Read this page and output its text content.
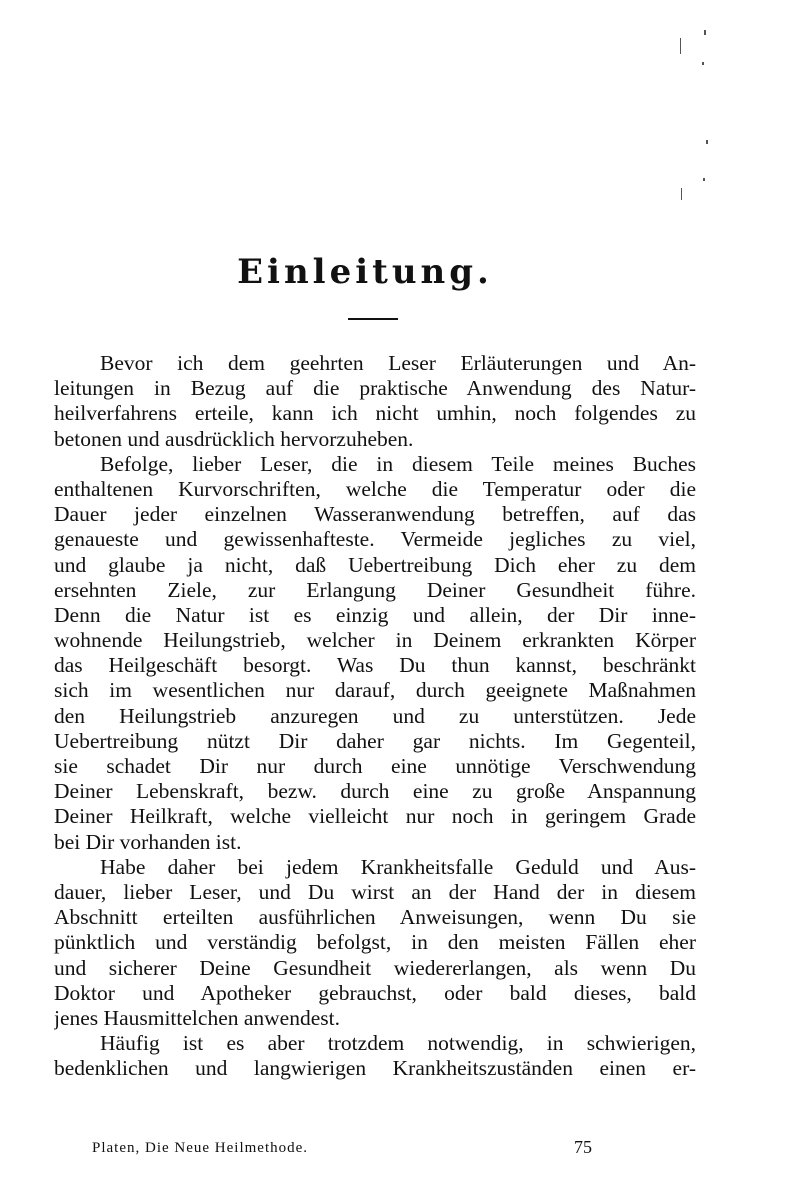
Einleitung.
Bevor ich dem geehrten Leser Erläuterungen und An-
leitungen in Bezug auf die praktische Anwendung des Natur-
heilverfahrens erteile, kann ich nicht umhin, noch folgendes zu
betonen und ausdrücklich hervorzuheben.
Befolge, lieber Leser, die in diesem Teile meines Buches
enthaltenen Kurvorschriften, welche die Temperatur oder die
Dauer jeder einzelnen Wasseranwendung betreffen, auf das
genaueste und gewissenhafteste. Vermeide jegliches zu viel,
und glaube ja nicht, daß Uebertreibung Dich eher zu dem
ersehnten Ziele, zur Erlangung Deiner Gesundheit führe.
Denn die Natur ist es einzig und allein, der Dir inne-
wohnende Heilungstrieb, welcher in Deinem erkrankten Körper
das Heilgeschäft besorgt. Was Du thun kannst, beschränkt
sich im wesentlichen nur darauf, durch geeignete Maßnahmen
den Heilungstrieb anzuregen und zu unterstützen. Jede
Uebertreibung nützt Dir daher gar nichts. Im Gegenteil,
sie schadet Dir nur durch eine unnötige Verschwendung
Deiner Lebenskraft, bezw. durch eine zu große Anspannung
Deiner Heilkraft, welche vielleicht nur noch in geringem Grade
bei Dir vorhanden ist.
Habe daher bei jedem Krankheitsfalle Geduld und Aus-
dauer, lieber Leser, und Du wirst an der Hand der in diesem
Abschnitt erteilten ausführlichen Anweisungen, wenn Du sie
pünktlich und verständig befolgst, in den meisten Fällen eher
und sicherer Deine Gesundheit wiedererlangen, als wenn Du
Doktor und Apotheker gebrauchst, oder bald dieses, bald
jenes Hausmittelchen anwendest.
Häufig ist es aber trotzdem notwendig, in schwierigen,
bedenklichen und langwierigen Krankheitszuständen einen er-
Platen, Die Neue Heilmethode.	75
